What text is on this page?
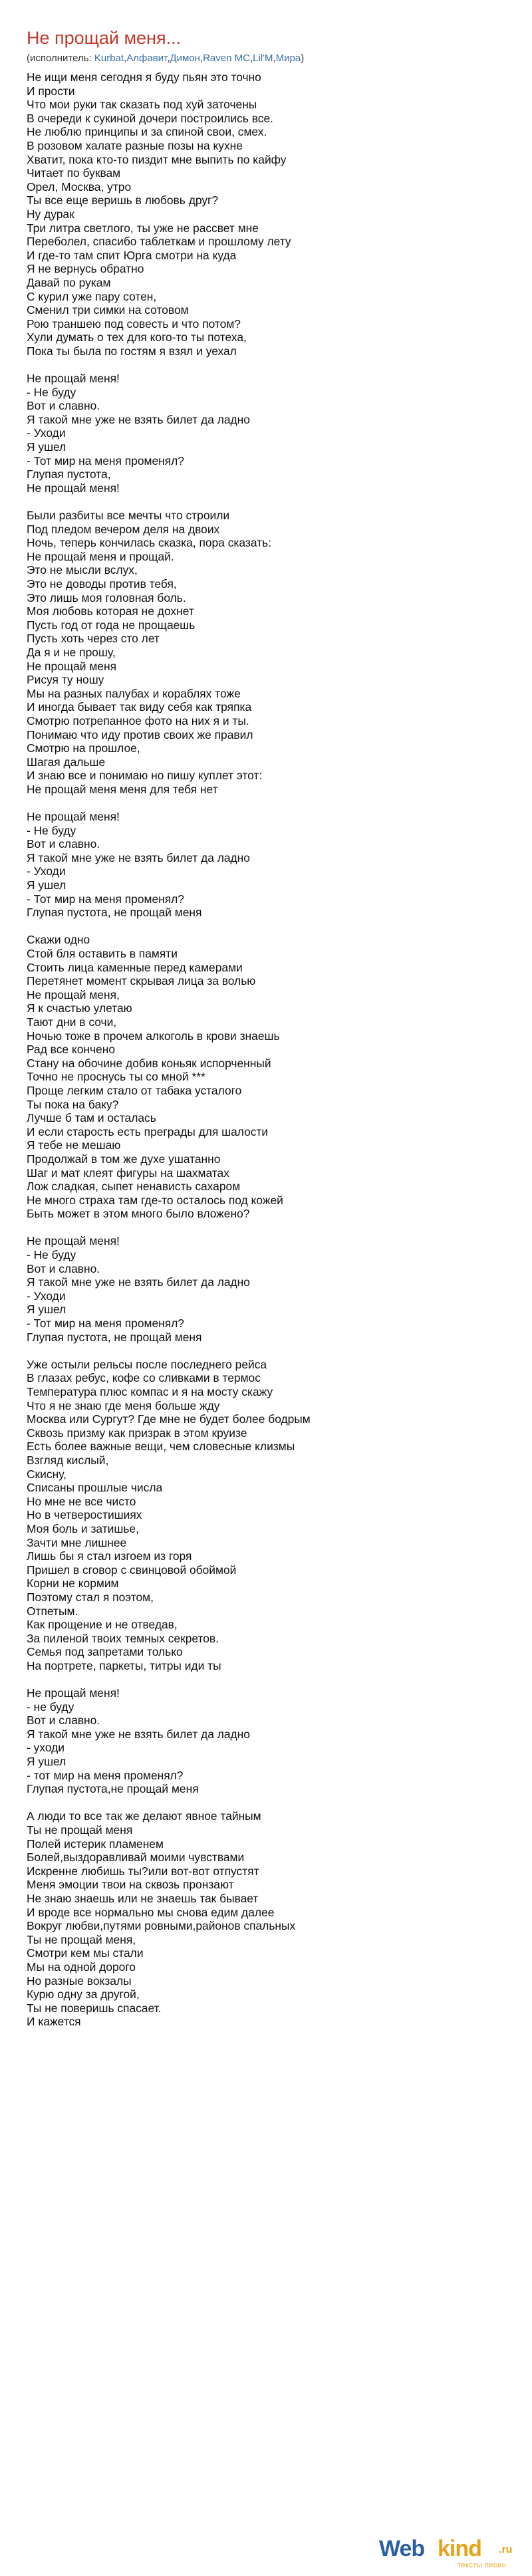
Не прощай меня...
(исполнитель: Kurbat,Алфавит,Димон,Raven MC,Lil'M,Мира)
Не ищи меня сегодня я буду пьян это точно
И прости
Что мои руки так сказать под хуй заточены
В очереди к сукиной дочери построились все.
Не люблю принципы и за спиной свои, смех.
В розовом халате разные позы на кухне
Хватит, пока кто-то пиздит мне выпить по кайфу
Читает по буквам
Орел, Москва, утро
Ты все еще веришь в любовь друг?
Ну дурак
Три литра светлого, ты уже не рассвет мне
Переболел, спасибо таблеткам и прошлому лету
И где-то там спит Юрга смотри на куда
Я не вернусь обратно
Давай по рукам
С курил уже пару сотен,
Сменил три симки на сотовом
Рою траншею под совесть и что потом?
Хули думать о тех для кого-то ты потеха,
Пока ты была по гостям я взял и уехал
Не прощай меня!
- Не буду
Вот и славно.
Я такой мне уже не взять билет да ладно
- Уходи
Я ушел
- Тот мир на меня променял?
Глупая пустота,
Не прощай меня!
Были разбиты все мечты что строили
Под пледом вечером деля на двоих
Ночь, теперь кончилась сказка, пора сказать:
Не прощай меня и прощай.
Это не мысли вслух,
Это не доводы против тебя,
Это лишь моя головная боль.
Моя любовь которая не дохнет
Пусть год от года не прощаешь
Пусть хоть через сто лет
Да я и не прошу,
Не прощай меня
Рисуя ту ношу
Мы на разных палубах и кораблях тоже
И иногда бывает так виду себя как тряпка
Смотрю потрепанное фото на них я и ты.
Понимаю что иду против своих же правил
Смотрю на прошлое,
Шагая дальше
И знаю все и понимаю но пишу куплет этот:
Не прощай меня меня для тебя нет
Не прощай меня!
- Не буду
Вот и славно.
Я такой мне уже не взять билет да ладно
- Уходи
Я ушел
- Тот мир на меня променял?
Глупая пустота, не прощай меня
Скажи одно
Стой бля оставить в памяти
Стоить лица каменные перед камерами
Перетянет момент скрывая лица за волью
Не прощай меня,
Я к счастью улетаю
Тают дни в сочи,
Ночью тоже в прочем алкоголь в крови знаешь
Рад все кончено
Стану на обочине добив коньяк испорченный
Точно не проснусь ты со мной ***
Проще легким стало от табака усталого
Ты пока на баку?
Лучше б там и осталась
И если старость есть преграды для шалости
Я тебе не мешаю
Продолжай в том же духе ушатанно
Шаг и мат клеят фигуры на шахматах
Лож сладкая, сыпет ненависть сахаром
Не много страха там где-то осталось под кожей
Быть может в этом много было вложено?
Не прощай меня!
- Не буду
Вот и славно.
Я такой мне уже не взять билет да ладно
- Уходи
Я ушел
- Тот мир на меня променял?
Глупая пустота, не прощай меня
Уже остыли рельсы после последнего рейса
В глазах ребус, кофе со сливками в термос
Температура плюс компас и я на мосту скажу
Что я не знаю где меня больше жду
Москва или Сургут? Где мне не будет более бодрым
Сквозь призму как призрак в этом круизе
Есть более важные вещи, чем словесные клизмы
Взгляд кислый,
Скисну,
Списаны прошлые числа
Но мне не все чисто
Но в четверостишиях
Моя боль и затишье,
Зачти мне лишнее
Лишь бы я стал изгоем из горя
Пришел в сговор с свинцовой обоймой
Корни не кормим
Поэтому стал я поэтом,
Отпетым.
Как прощение и не отведав,
За пиленой твоих темных секретов.
Семья под запретами только
На портрете, паркеты, титры иди ты
Не прощай меня!
- не буду
Вот и славно.
Я такой мне уже не взять билет да ладно
- уходи
Я ушел
- тот мир на меня променял?
Глупая пустота,не прощай меня
А люди то все так же делают явное тайным
Ты не прощай меня
Полей истерик пламенем
Болей,выздоравливай моими чувствами
Искренне любишь ты?или вот-вот отпустят
Меня эмоции твои на сквозь пронзают
Не знаю знаешь или не знаешь так бывает
И вроде все нормально мы снова едим далее
Вокруг любви,путями ровными,районов спальных
Ты не прощай меня,
Смотри кем мы стали
Мы на одной дорого
Но разные вокзалы
Курю одну за другой,
Ты не поверишь спасает.
И кажется
Web kind .ru
тексты песен
